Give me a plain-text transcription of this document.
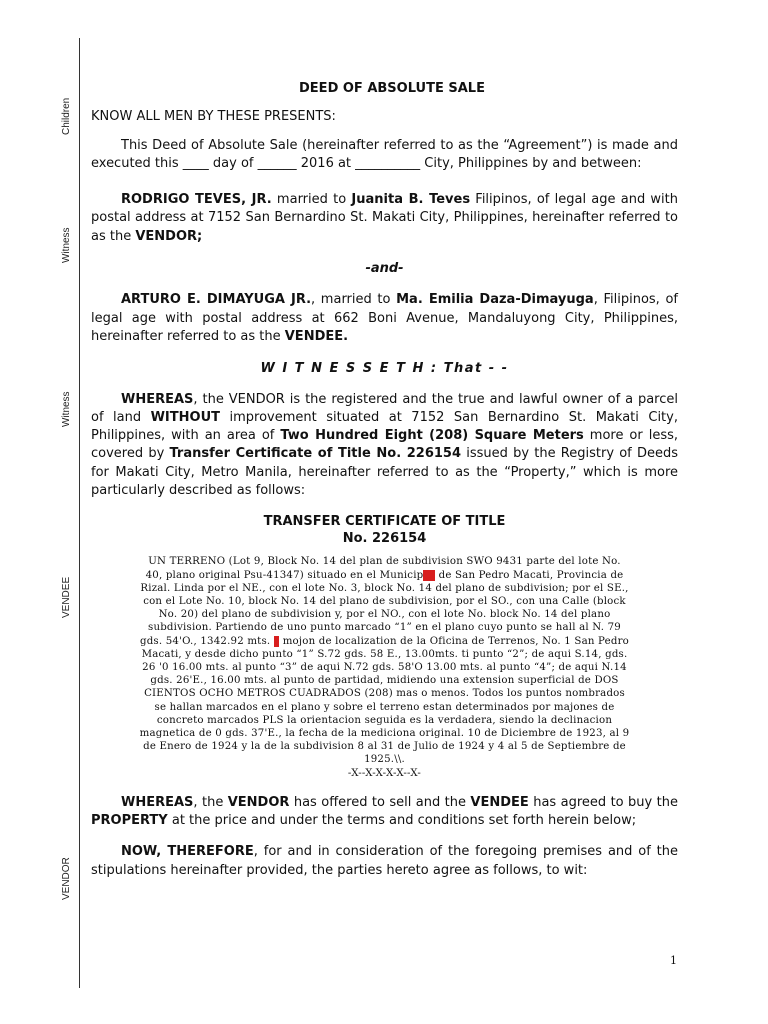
Children
Witness
Witness
VENDEE
VENDOR
DEED OF ABSOLUTE SALE

KNOW ALL MEN BY THESE PRESENTS:

This Deed of Absolute Sale (hereinafter referred to as the “Agreement”) is made and executed this ____ day of ______ 2016 at __________ City, Philippines by and between:

RODRIGO TEVES, JR. married to Juanita B. Teves Filipinos, of legal age and with postal address at 7152 San Bernardino St. Makati City, Philippines, hereinafter referred to as the VENDOR;

-and-

ARTURO E. DIMAYUGA JR., married to Ma. Emilia Daza-Dimayuga, Filipinos, of legal age with postal address at 662 Boni Avenue, Mandaluyong City, Philippines, hereinafter referred to as the VENDEE.

W I T N E S S E T H : That - -

WHEREAS, the VENDOR is the registered and the true and lawful owner of a parcel of land WITHOUT improvement situated at 7152 San Bernardino St. Makati City, Philippines, with an area of Two Hundred Eight (208) Square Meters more or less, covered by Transfer Certificate of Title No. 226154 issued by the Registry of Deeds for Makati City, Metro Manila, hereinafter referred to as the “Property,” which is more particularly described as follows:

TRANSFER CERTIFICATE OF TITLE
No. 226154
UN TERRENO (Lot 9, Block No. 14 del plan de subdivision SWO 9431 parte del lote No. 40, plano original Psu-41347) situado en el Municipio de San Pedro Macati, Provincia de Rizal. Linda por el NE., con el lote No. 3, block No. 14 del plano de subdivision; por el SE., con el Lote No. 10, block No. 14 del plano de subdivision, por el SO., con una Calle (block No. 20) del plano de subdivision y, por el NO., con el lote No. block No. 14 del plano subdivision. Partiendo de uno punto marcado “1” en el plano cuyo punto se hall al N. 79 gds. 54'O., 1342.92 mts.   mojon de localization de la Oficina de Terrenos, No. 1 San Pedro Macati, y desde dicho punto “1” S.72 gds. 58 E., 13.00mts. ti punto “2”; de aqui S.14, gds. 26 '0 16.00 mts. al punto “3” de aqui N.72 gds. 58'O 13.00 mts. al punto “4”; de aqui N.14 gds. 26'E., 16.00 mts. al punto de partidad, midiendo una extension superficial de DOS CIENTOS OCHO METROS CUADRADOS (208) mas o menos. Todos los puntos nombrados se hallan marcados en el plano y sobre el terreno estan determinados por majones de concreto marcados PLS la orientacion seguida es la verdadera, siendo la declinacion magnetica de 0 gds. 37'E., la fecha de la mediciona original. 10 de Diciembre de 1923, al 9 de Enero de 1924 y la de la subdivision 8 al 31 de Julio de 1924 y 4 al 5 de Septiembre de 1925.\\.
-X--X-X-X-X--X-

WHEREAS, the VENDOR has offered to sell and the VENDEE has agreed to buy the PROPERTY at the price and under the terms and conditions set forth herein below;

NOW, THEREFORE, for and in consideration of the foregoing premises and of the stipulations hereinafter provided, the parties hereto agree as follows, to wit:

1
